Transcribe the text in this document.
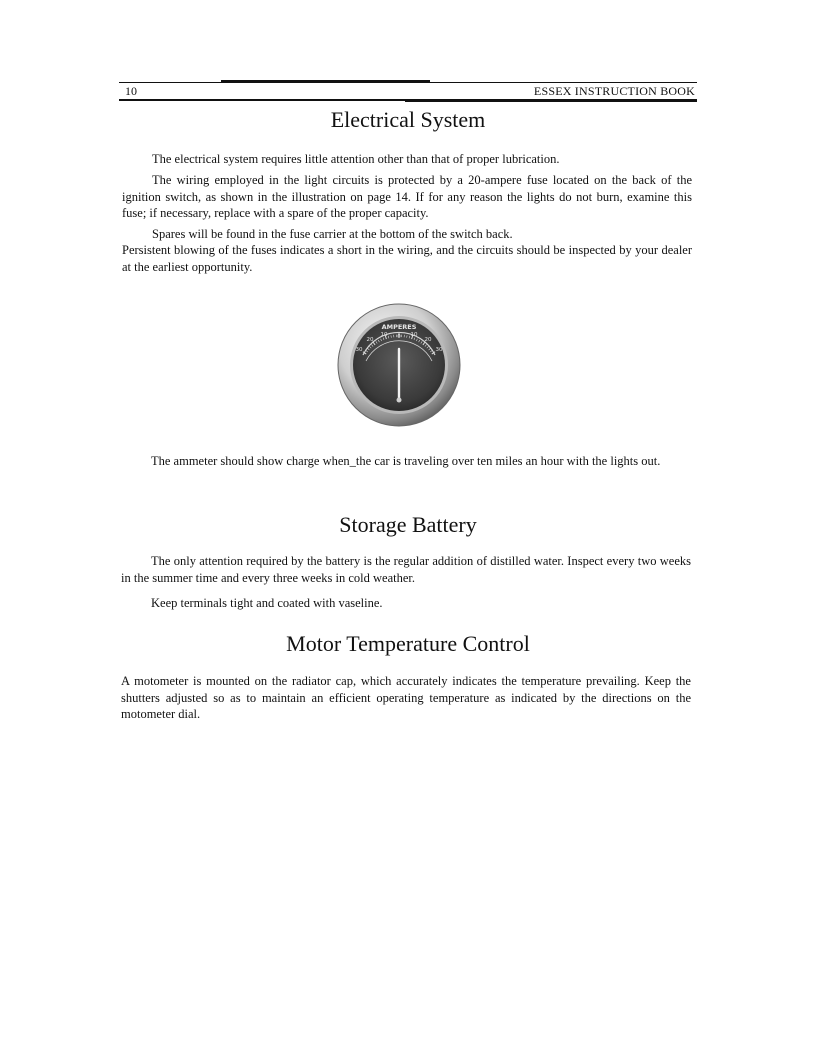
10	ESSEX INSTRUCTION BOOK
Electrical System

The electrical system requires little attention other than that of proper lubrication.

The wiring employed in the light circuits is protected by a 20-ampere fuse located on the back of the ignition switch, as shown in the illustration on page 14. If for any reason the lights do not burn, examine this fuse; if necessary, replace with a spare of the proper capacity.

Spares will be found in the fuse carrier at the bottom of the switch back.

Persistent blowing of the fuses indicates a short in the wiring, and the circuits should be inspected by your dealer at the earliest opportunity.

AMPERES
30
20
10 0 10
20
30

The ammeter should show charge when_the car is traveling over ten miles an hour with the lights out.

Storage Battery

The only attention required by the battery is the regular addition of distilled water. Inspect every two weeks in the summer time and every three weeks in cold weather.

Keep terminals tight and coated with vaseline.

Motor Temperature Control

A motometer is mounted on the radiator cap, which accurately indicates the temperature prevailing. Keep the shutters adjusted so as to maintain an efficient operating temperature as indicated by the directions on the motometer dial.
